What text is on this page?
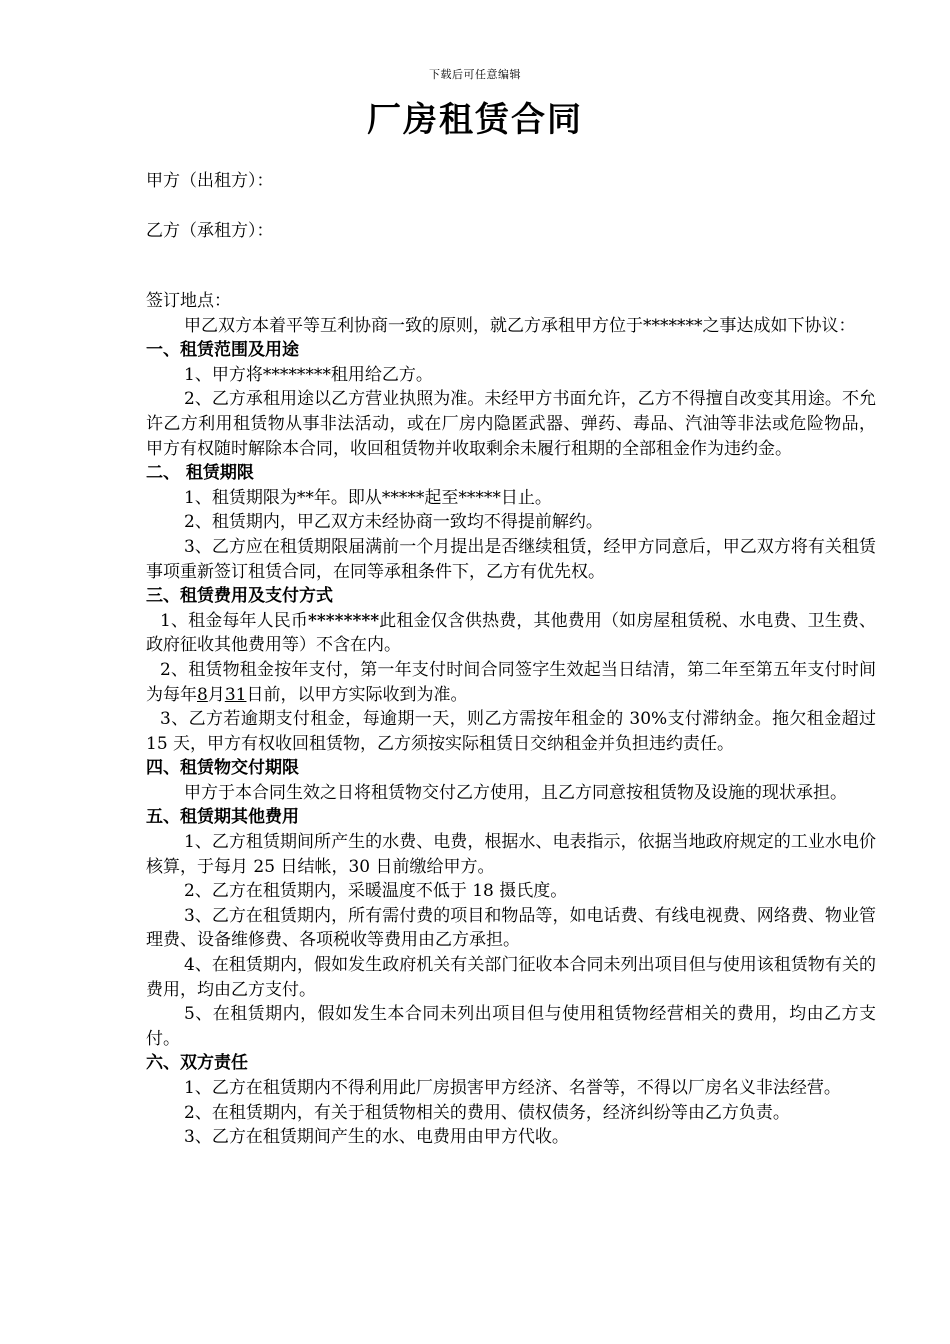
下载后可任意编辑
厂房租赁合同
甲方（出租方）：
乙方（承租方）：

签订地点：

甲乙双方本着平等互利协商一致的原则，就乙方承租甲方位于*******之事达成如下协议：

一、租赁范围及用途

1、甲方将********租用给乙方。

2、乙方承租用途以乙方营业执照为准。未经甲方书面允许，乙方不得擅自改变其用途。不允许乙方利用租赁物从事非法活动，或在厂房内隐匿武器、弹药、毒品、汽油等非法或危险物品，甲方有权随时解除本合同，收回租赁物并收取剩余未履行租期的全部租金作为违约金。

二、 租赁期限

1、租赁期限为**年。即从*****起至*****日止。

2、租赁期内，甲乙双方未经协商一致均不得提前解约。

3、乙方应在租赁期限届满前一个月提出是否继续租赁，经甲方同意后，甲乙双方将有关租赁事项重新签订租赁合同，在同等承租条件下，乙方有优先权。

三、租赁费用及支付方式

1、租金每年人民币********此租金仅含供热费，其他费用（如房屋租赁税、水电费、卫生费、政府征收其他费用等）不含在内。

2、租赁物租金按年支付，第一年支付时间合同签字生效起当日结清，第二年至第五年支付时间为每年8月31日前，以甲方实际收到为准。

3、乙方若逾期支付租金，每逾期一天，则乙方需按年租金的 30%支付滞纳金。拖欠租金超过 15 天，甲方有权收回租赁物，乙方须按实际租赁日交纳租金并负担违约责任。

四、租赁物交付期限

甲方于本合同生效之日将租赁物交付乙方使用，且乙方同意按租赁物及设施的现状承担。

五、租赁期其他费用

1、乙方租赁期间所产生的水费、电费，根据水、电表指示，依据当地政府规定的工业水电价核算，于每月 25 日结帐，30 日前缴给甲方。

2、乙方在租赁期内，采暖温度不低于 18 摄氏度。

3、乙方在租赁期内，所有需付费的项目和物品等，如电话费、有线电视费、网络费、物业管理费、设备维修费、各项税收等费用由乙方承担。

4、在租赁期内，假如发生政府机关有关部门征收本合同未列出项目但与使用该租赁物有关的费用，均由乙方支付。

5、在租赁期内，假如发生本合同未列出项目但与使用租赁物经营相关的费用，均由乙方支付。

六、双方责任

1、乙方在租赁期内不得利用此厂房损害甲方经济、名誉等，不得以厂房名义非法经营。

2、在租赁期内，有关于租赁物相关的费用、债权债务，经济纠纷等由乙方负责。

3、乙方在租赁期间产生的水、电费用由甲方代收。
